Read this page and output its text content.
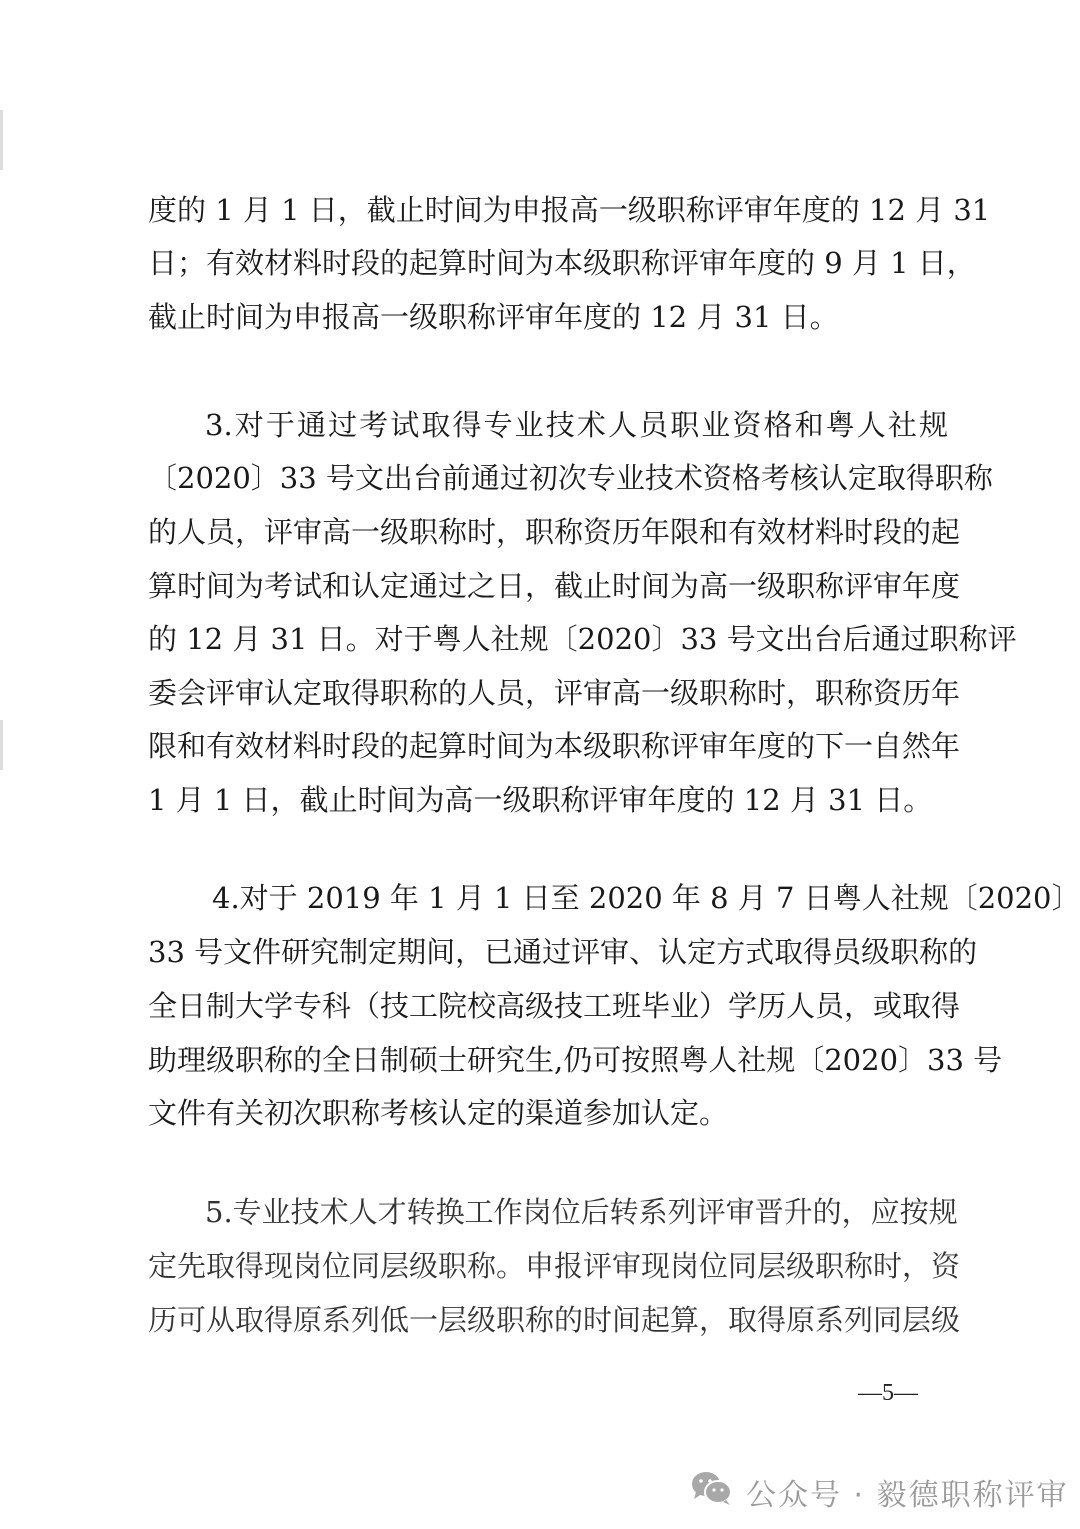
度的 1 月 1 日，截止时间为申报高一级职称评审年度的 12 月 31
日；有效材料时段的起算时间为本级职称评审年度的 9 月 1 日，
截止时间为申报高一级职称评审年度的 12 月 31 日。
3.对于通过考试取得专业技术人员职业资格和粤人社规
〔2020〕33 号文出台前通过初次专业技术资格考核认定取得职称
的人员，评审高一级职称时，职称资历年限和有效材料时段的起
算时间为考试和认定通过之日，截止时间为高一级职称评审年度
的 12 月 31 日。对于粤人社规〔2020〕33 号文出台后通过职称评
委会评审认定取得职称的人员，评审高一级职称时，职称资历年
限和有效材料时段的起算时间为本级职称评审年度的下一自然年
1 月 1 日，截止时间为高一级职称评审年度的 12 月 31 日。
4.对于 2019 年 1 月 1 日至 2020 年 8 月 7 日粤人社规〔2020〕
33 号文件研究制定期间，已通过评审、认定方式取得员级职称的
全日制大学专科（技工院校高级技工班毕业）学历人员，或取得
助理级职称的全日制硕士研究生,仍可按照粤人社规〔2020〕33 号
文件有关初次职称考核认定的渠道参加认定。
5.专业技术人才转换工作岗位后转系列评审晋升的，应按规
定先取得现岗位同层级职称。申报评审现岗位同层级职称时，资
历可从取得原系列低一层级职称的时间起算，取得原系列同层级
—5—
公众号 · 毅德职称评审
